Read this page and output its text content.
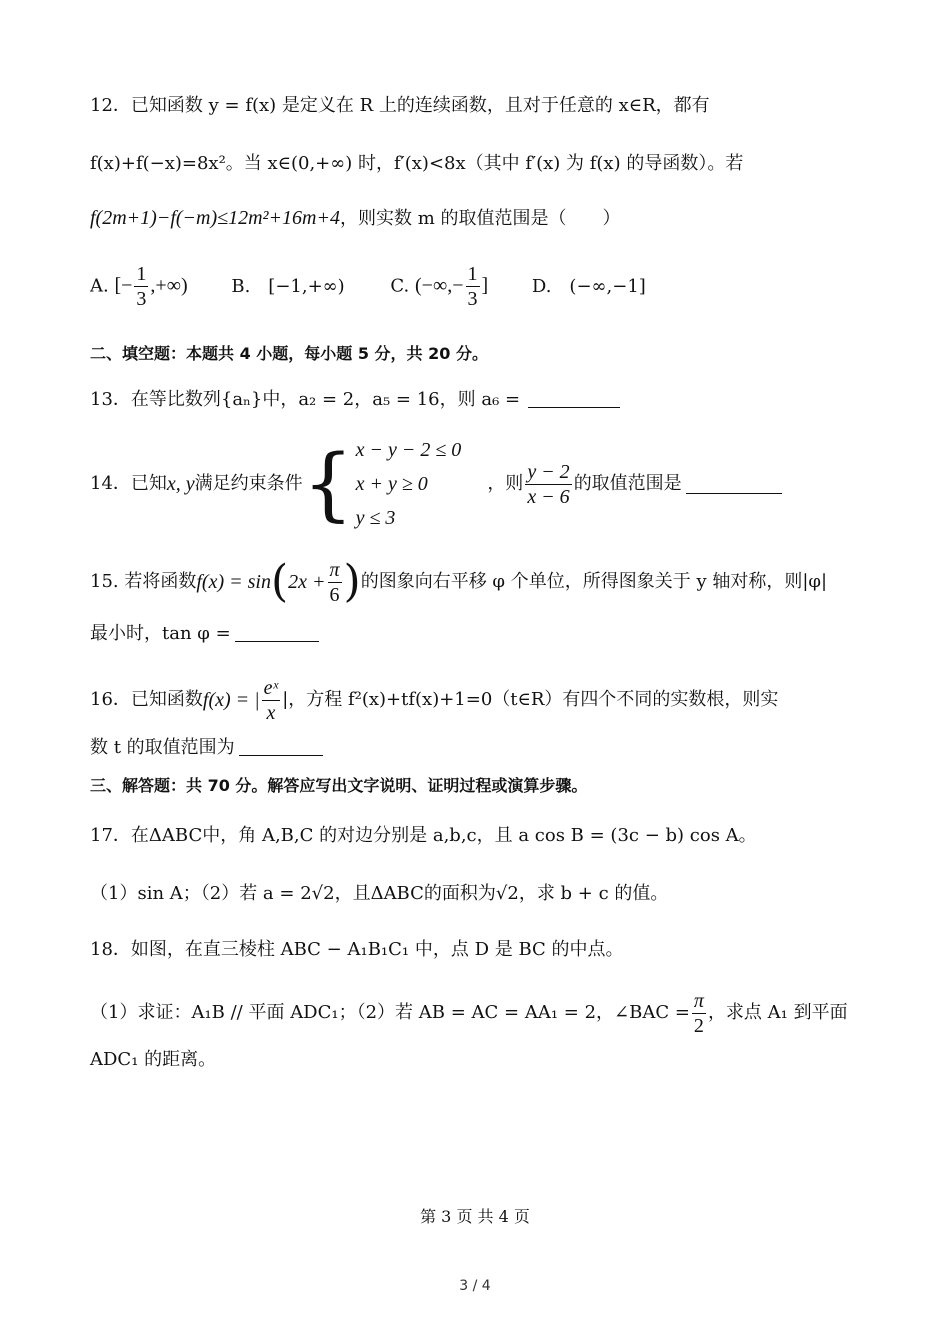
12．已知函数 y = f(x) 是定义在 R 上的连续函数，且对于任意的 x∈R，都有
f(x)+f(−x)=8x²。当 x∈(0,+∞) 时，f′(x)<8x（其中 f′(x) 为 f(x) 的导函数）。若
f(2m+1)−f(−m)≤12m²+16m+4，则实数 m 的取值范围是（　　）
A. [− $\frac{1}{3}$ ,+∞) B.　[−1,+∞)	C. (−∞,− $\frac{1}{3}$ ] D.　(−∞,−1]
二、填空题：本题共 4 小题，每小题 5 分，共 20 分。
13．在等比数列{aₙ}中，a₂ = 2，a₅ = 16，则 a₆ =
14．已知 x, y 满足约束条件 { x − y − 2 ≤ 0
x + y ≥ 0
y ≤ 3
，则 $\frac{y - 2}{x - 6}$ 的取值范围是
15. 若将函数 f(x) = sin ( $2x + \frac{\pi}{6}$ ) 的图象向右平移 φ 个单位，所得图象关于 y 轴对称，则|φ|
最小时，tan φ =
16．已知函数 f(x) = | $\frac{\text{eˣ}}{x}$ |，方程 f²(x)+tf(x)+1=0（t∈R）有四个不同的实数根，则实
数 t 的取值范围为
三、解答题：共 70 分。解答应写出文字说明、证明过程或演算步骤。
17．在ΔABC中，角 A,B,C 的对边分别是 a,b,c，且 a cos B = (3c − b) cos A。
（1）sin A；（2）若 a = 2√2，且ΔABC的面积为√2，求 b + c 的值。
18．如图，在直三棱柱 ABC − A₁B₁C₁ 中，点 D 是 BC 的中点。
（1）求证：A₁B // 平面 ADC₁；（2）若 AB = AC = AA₁ = 2，∠BAC = $\frac{\pi}{2}$ ，求点 A₁ 到平面
ADC₁ 的距离。
第 3 页 共 4 页
3 / 4
